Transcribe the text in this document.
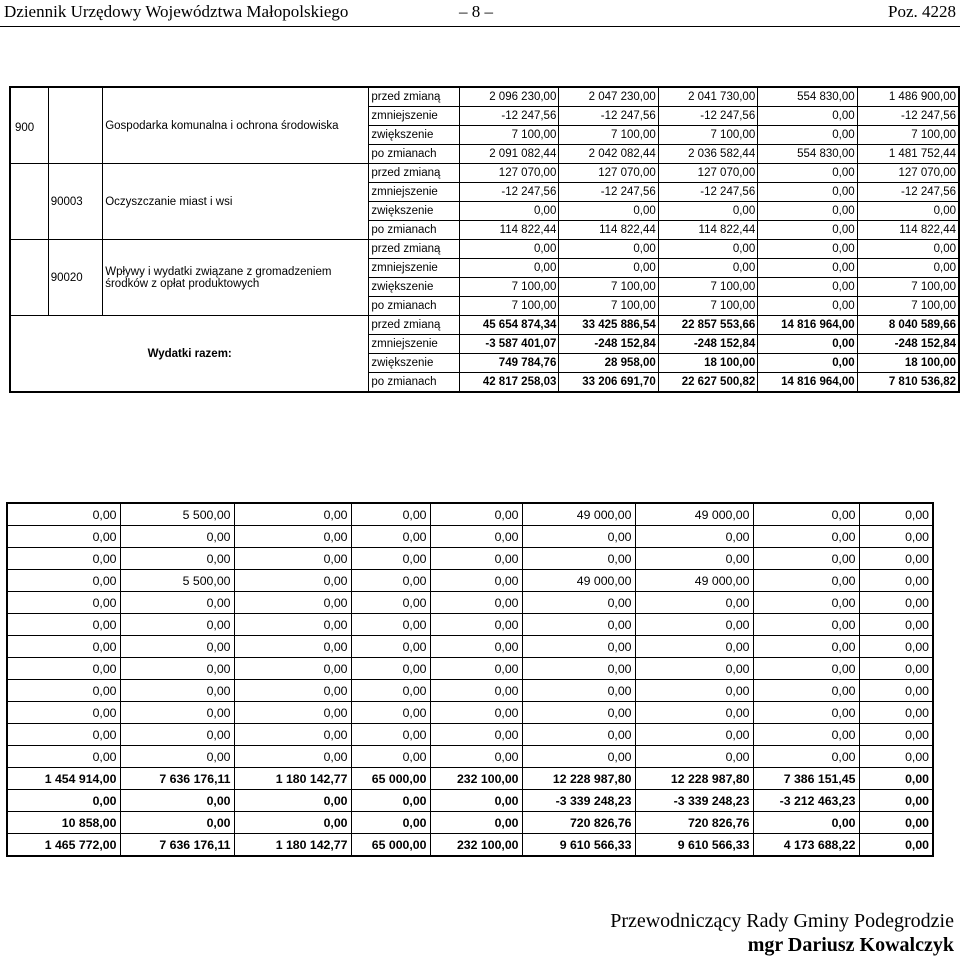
Dziennik Urzędowy Województwa Małopolskiego	– 8 –	Poz. 4228
900		Gospodarka komunalna i ochrona środowiska	przed zmianą	2 096 230,00	2 047 230,00	2 041 730,00	554 830,00	1 486 900,00
			zmniejszenie	-12 247,56	-12 247,56	-12 247,56	0,00	-12 247,56
			zwiększenie	7 100,00	7 100,00	7 100,00	0,00	7 100,00
			po zmianach	2 091 082,44	2 042 082,44	2 036 582,44	554 830,00	1 481 752,44
	90003	Oczyszczanie miast i wsi	przed zmianą	127 070,00	127 070,00	127 070,00	0,00	127 070,00
			zmniejszenie	-12 247,56	-12 247,56	-12 247,56	0,00	-12 247,56
			zwiększenie	0,00	0,00	0,00	0,00	0,00
			po zmianach	114 822,44	114 822,44	114 822,44	0,00	114 822,44
	90020	Wpływy i wydatki związane z gromadzeniem środków z opłat produktowych	przed zmianą	0,00	0,00	0,00	0,00	0,00
			zmniejszenie	0,00	0,00	0,00	0,00	0,00
			zwiększenie	7 100,00	7 100,00	7 100,00	0,00	7 100,00
			po zmianach	7 100,00	7 100,00	7 100,00	0,00	7 100,00
Wydatki razem:			przed zmianą	45 654 874,34	33 425 886,54	22 857 553,66	14 816 964,00	8 040 589,66
			zmniejszenie	-3 587 401,07	-248 152,84	-248 152,84	0,00	-248 152,84
			zwiększenie	749 784,76	28 958,00	18 100,00	0,00	18 100,00
			po zmianach	42 817 258,03	33 206 691,70	22 627 500,82	14 816 964,00	7 810 536,82
0,00	5 500,00	0,00	0,00	0,00	49 000,00	49 000,00	0,00	0,00
0,00	0,00	0,00	0,00	0,00	0,00	0,00	0,00	0,00
0,00	0,00	0,00	0,00	0,00	0,00	0,00	0,00	0,00
0,00	5 500,00	0,00	0,00	0,00	49 000,00	49 000,00	0,00	0,00
0,00	0,00	0,00	0,00	0,00	0,00	0,00	0,00	0,00
0,00	0,00	0,00	0,00	0,00	0,00	0,00	0,00	0,00
0,00	0,00	0,00	0,00	0,00	0,00	0,00	0,00	0,00
0,00	0,00	0,00	0,00	0,00	0,00	0,00	0,00	0,00
0,00	0,00	0,00	0,00	0,00	0,00	0,00	0,00	0,00
0,00	0,00	0,00	0,00	0,00	0,00	0,00	0,00	0,00
0,00	0,00	0,00	0,00	0,00	0,00	0,00	0,00	0,00
0,00	0,00	0,00	0,00	0,00	0,00	0,00	0,00	0,00
1 454 914,00	7 636 176,11	1 180 142,77	65 000,00	232 100,00	12 228 987,80	12 228 987,80	7 386 151,45	0,00
0,00	0,00	0,00	0,00	0,00	-3 339 248,23	-3 339 248,23	-3 212 463,23	0,00
10 858,00	0,00	0,00	0,00	0,00	720 826,76	720 826,76	0,00	0,00
1 465 772,00	7 636 176,11	1 180 142,77	65 000,00	232 100,00	9 610 566,33	9 610 566,33	4 173 688,22	0,00
Przewodniczący Rady Gminy Podegrodzie
mgr Dariusz Kowalczyk
